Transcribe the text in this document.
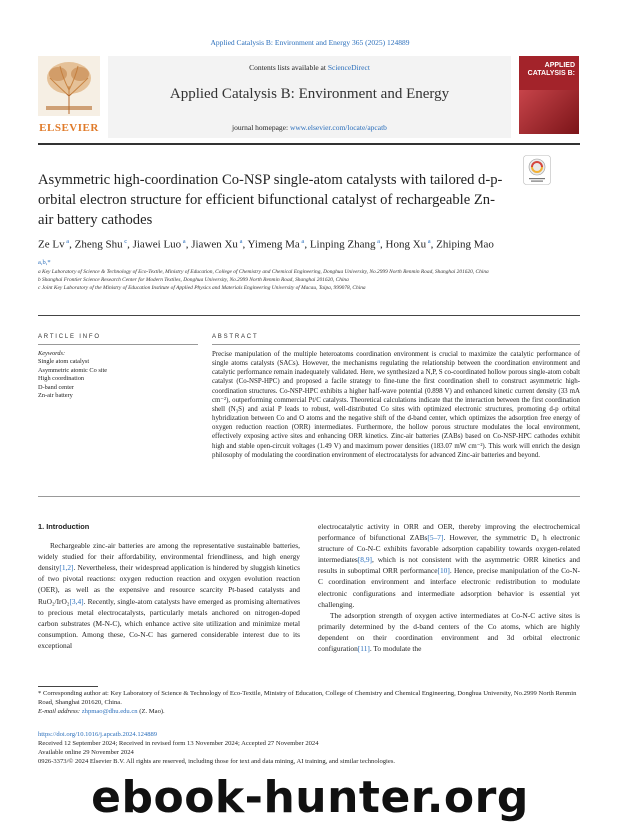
Applied Catalysis B: Environment and Energy 365 (2025) 124889
ELSEVIER
Contents lists available at ScienceDirect
Applied Catalysis B: Environment and Energy
journal homepage: www.elsevier.com/locate/apcatb
APPLIED CATALYSIS B:
Asymmetric high-coordination Co-NSP single-atom catalysts with tailored d-p-orbital electron structure for efficient bifunctional catalyst of rechargeable Zn-air battery cathodes
Ze Lv $^a$, Zheng Shu $^c$, Jiawei Luo $^a$, Jiawen Xu $^a$, Yimeng Ma $^a$, Linping Zhang $^a$, Hong Xu $^a$, Zhiping Mao $^{a,b,*}$
a Key Laboratory of Science & Technology of Eco-Textile, Ministry of Education, College of Chemistry and Chemical Engineering, Donghua University, No.2999 North Renmin Road, Shanghai 201620, China
b Shanghai Frontier Science Research Center for Modern Textiles, Donghua University, No.2999 North Renmin Road, Shanghai 201620, China
c Joint Key Laboratory of the Ministry of Education Institute of Applied Physics and Materials Engineering University of Macau, Taipa, 999078, China
ARTICLE INFO	ABSTRACT
Keywords:
Single atom catalyst
Asymmetric atomic Co site
High coordination
D-band center
Zn-air battery
Precise manipulation of the multiple heteroatoms coordination environment is crucial to maximize the catalytic performance of single atoms catalysts (SACs). However, the mechanisms regulating the relationship between the coordination environment and catalytic performance remain inadequately validated. Here, we synthesized a N,P, S co-coordinated hollow porous single-atom cobalt catalyst (Co-NSP-HPC) and proposed a facile strategy to fine-tune the first coordination shell to construct asymmetric high-coordination structures. Co-NSP-HPC exhibits a higher half-wave potential (0.898 V) and enhanced kinetic current density (33 mA cm⁻²), outperforming commercial Pt/C catalysts. Theoretical calculations indicate that the interaction between the first coordination shell (N₃S) and axial P leads to robust, well-distributed Co sites with optimized electronic structures, promoting d-p orbital hybridization between Co and O atoms and the negative shift of the d-band center, which optimizes the adsorption free energy of oxygen reduction reaction (ORR) intermediates. Furthermore, the hollow porous structure modulates the local environment, effectively exposing active sites and enhancing ORR kinetics. Zinc-air batteries (ZABs) based on Co-NSP-HPC cathodes exhibit high and stable open-circuit voltages (1.49 V) and maximum power densities (183.07 mW cm⁻²). This work will enrich the design philosophy of modulating the coordination environment of electrocatalysts for advanced Zinc-air batteries and beyond.
1. Introduction

Rechargeable zinc-air batteries are among the representative sustainable batteries, widely studied for their affordability, environmental friendliness, and high energy density[1,2]. Nevertheless, their widespread application is hindered by sluggish kinetics of two pivotal reactions: oxygen reduction reaction and oxygen evolution reaction (OER), as well as the expensive and resource scarcity Pt-based catalysts and RuO₂/IrO₂[3,4]. Recently, single-atom catalysts have emerged as promising alternatives to precious metal electrocatalysts, particularly metals anchored on nitrogen-doped carbon substrates (M-N-C), which enhance active site utilization and minimize metal consumption. Among these, Co-N-C has garnered considerable interest due to its exceptional

electrocatalytic activity in ORR and OER, thereby improving the electrochemical performance of bifunctional ZABs[5–7]. However, the symmetric D₄ h electronic structure of Co-N-C exhibits favorable adsorption capability towards oxygen-related intermediates[8,9], which is not consistent with the asymmetric ORR kinetics and results in suboptimal ORR performance[10]. Hence, precise manipulation of the Co-N-C coordination environment and interface electronic redistribution to modulate electronic configurations and intermediate adsorption behavior is essential yet challenging.

The adsorption strength of oxygen active intermediates at Co-N-C active sites is primarily determined by the d-band centers of the Co atoms, which are highly dependent on their coordination environment and 3d orbital electronic configuration[11]. To modulate the

* Corresponding author at: Key Laboratory of Science & Technology of Eco-Textile, Ministry of Education, College of Chemistry and Chemical Engineering, Donghua University, No.2999 North Renmin Road, Shanghai 201620, China.
E-mail address: zhpmao@dhu.edu.cn (Z. Mao).
https://doi.org/10.1016/j.apcatb.2024.124889
Received 12 September 2024; Received in revised form 13 November 2024; Accepted 27 November 2024
Available online 29 November 2024
0926-3373/© 2024 Elsevier B.V. All rights are reserved, including those for text and data mining, AI training, and similar technologies.
ebook-hunter.org
